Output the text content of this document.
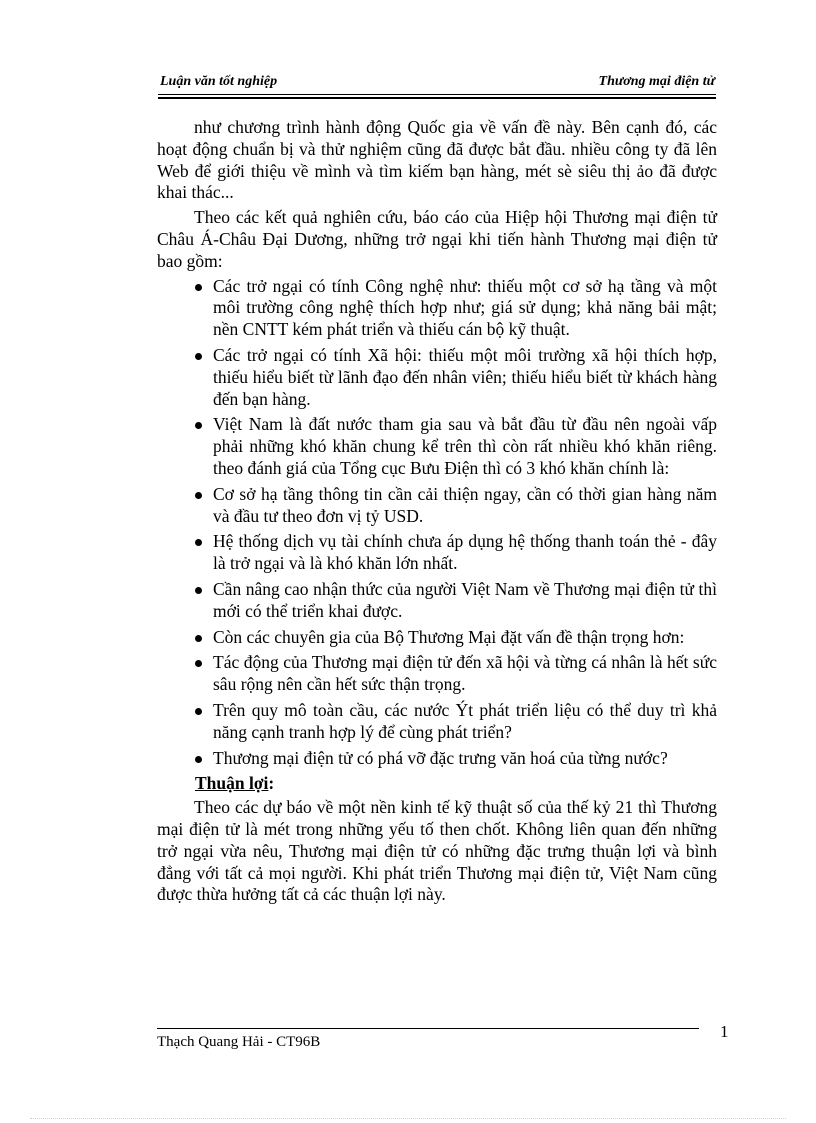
Luận văn tốt nghiệp	Thương mại điện tử

như chương trình hành động Quốc gia về vấn đề này. Bên cạnh đó, các hoạt động chuẩn bị và thử nghiệm cũng đã được bắt đầu. nhiều công ty đã lên Web để giới thiệu về mình và tìm kiếm bạn hàng, mét sè siêu thị ảo đã được khai thác...

Theo các kết quả nghiên cứu, báo cáo của Hiệp hội Thương mại điện tử Châu Á-Châu Đại Dương, những trở ngại khi tiến hành Thương mại điện tử bao gồm:

Các trở ngại có tính Công nghệ như: thiếu một cơ sở hạ tầng và một môi trường công nghệ thích hợp như; giá sử dụng; khả năng bải mật; nền CNTT kém phát triển và thiếu cán bộ kỹ thuật.
Các trở ngại có tính Xã hội: thiếu một môi trường xã hội thích hợp, thiếu hiểu biết từ lãnh đạo đến nhân viên; thiếu hiểu biết từ khách hàng đến bạn hàng.
Việt Nam là đất nước tham gia sau và bắt đầu từ đầu nên ngoài vấp phải những khó khăn chung kể trên thì còn rất nhiều khó khăn riêng. theo đánh giá của Tổng cục Bưu Điện thì có 3 khó khăn chính là:
Cơ sở hạ tầng thông tin cần cải thiện ngay, cần có thời gian hàng năm và đầu tư theo đơn vị tỷ USD.
Hệ thống dịch vụ tài chính chưa áp dụng hệ thống thanh toán thẻ - đây là trở ngại và là khó khăn lớn nhất.
Cần nâng cao nhận thức của người Việt Nam về Thương mại điện tử thì mới có thể triển khai được.
Còn các chuyên gia của Bộ Thương Mại đặt vấn đề thận trọng hơn:
Tác động của Thương mại điện tử đến xã hội và từng cá nhân là hết sức sâu rộng nên cần hết sức thận trọng.
Trên quy mô toàn cầu, các nước Ýt phát triển liệu có thể duy trì khả năng cạnh tranh hợp lý để cùng phát triển?
Thương mại điện tử có phá vỡ đặc trưng văn hoá của từng nước?
Thuận lợi:

Theo các dự báo về một nền kinh tế kỹ thuật số của thế kỷ 21 thì Thương mại điện tử là mét trong những yếu tố then chốt. Không liên quan đến những trở ngại vừa nêu, Thương mại điện tử có những đặc trưng thuận lợi và bình đẳng với tất cả mọi người. Khi phát triển Thương mại điện tử, Việt Nam cũng được thừa hưởng tất cả các thuận lợi này.

Thạch Quang Hải - CT96B
1
